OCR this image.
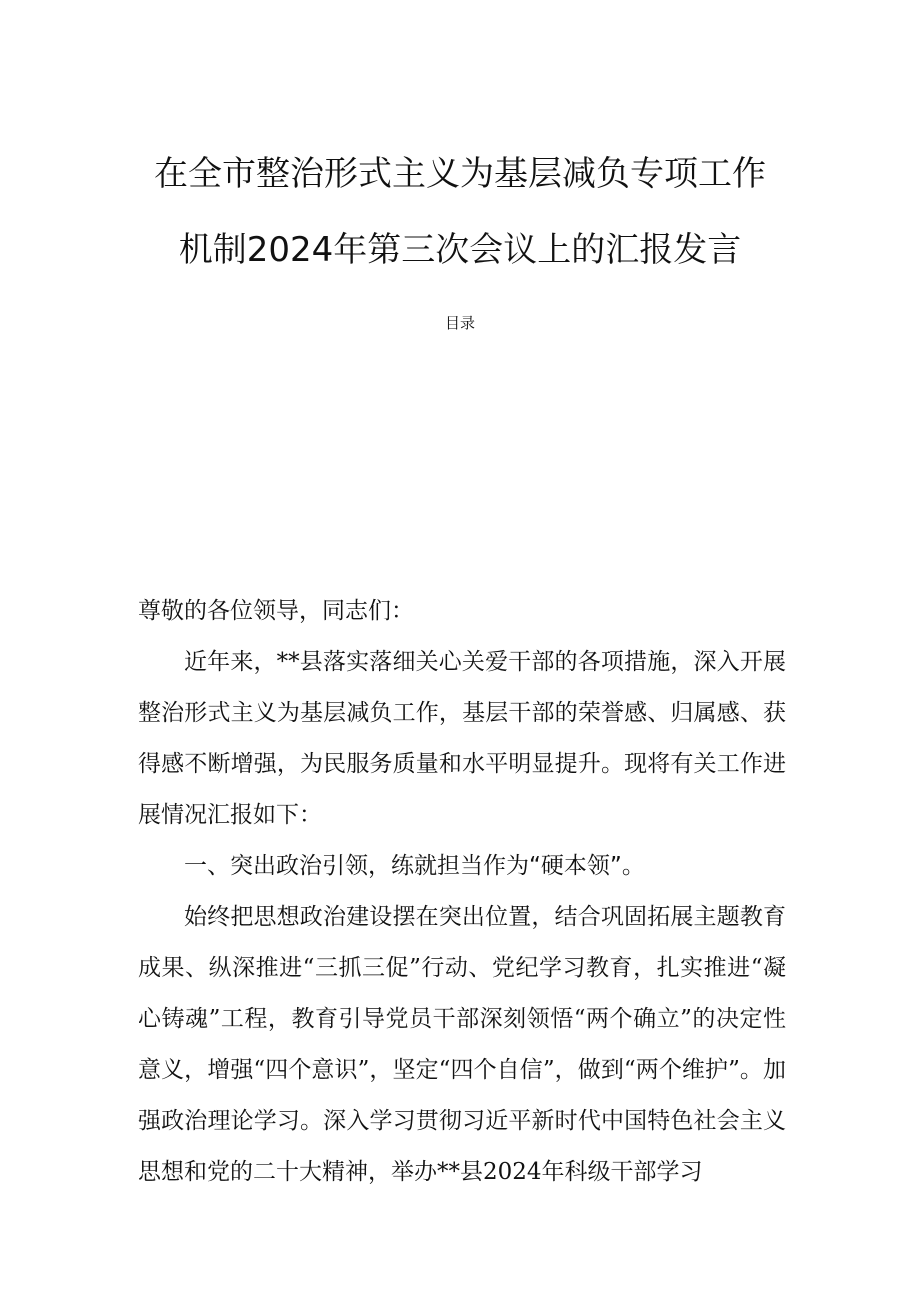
在全市整治形式主义为基层减负专项工作
机制2024年第三次会议上的汇报发言
目录

尊敬的各位领导，同志们：

近年来，**县落实落细关心关爱干部的各项措施，深入开展整治形式主义为基层减负工作，基层干部的荣誉感、归属感、获得感不断增强，为民服务质量和水平明显提升。现将有关工作进展情况汇报如下：

一、突出政治引领，练就担当作为“硬本领”。

始终把思想政治建设摆在突出位置，结合巩固拓展主题教育成果、纵深推进“三抓三促”行动、党纪学习教育，扎实推进“凝心铸魂”工程，教育引导党员干部深刻领悟“两个确立”的决定性意义，增强“四个意识”，坚定“四个自信”，做到“两个维护”。加强政治理论学习。深入学习贯彻习近平新时代中国特色社会主义思想和党的二十大精神，举办**县2024年科级干部学习
